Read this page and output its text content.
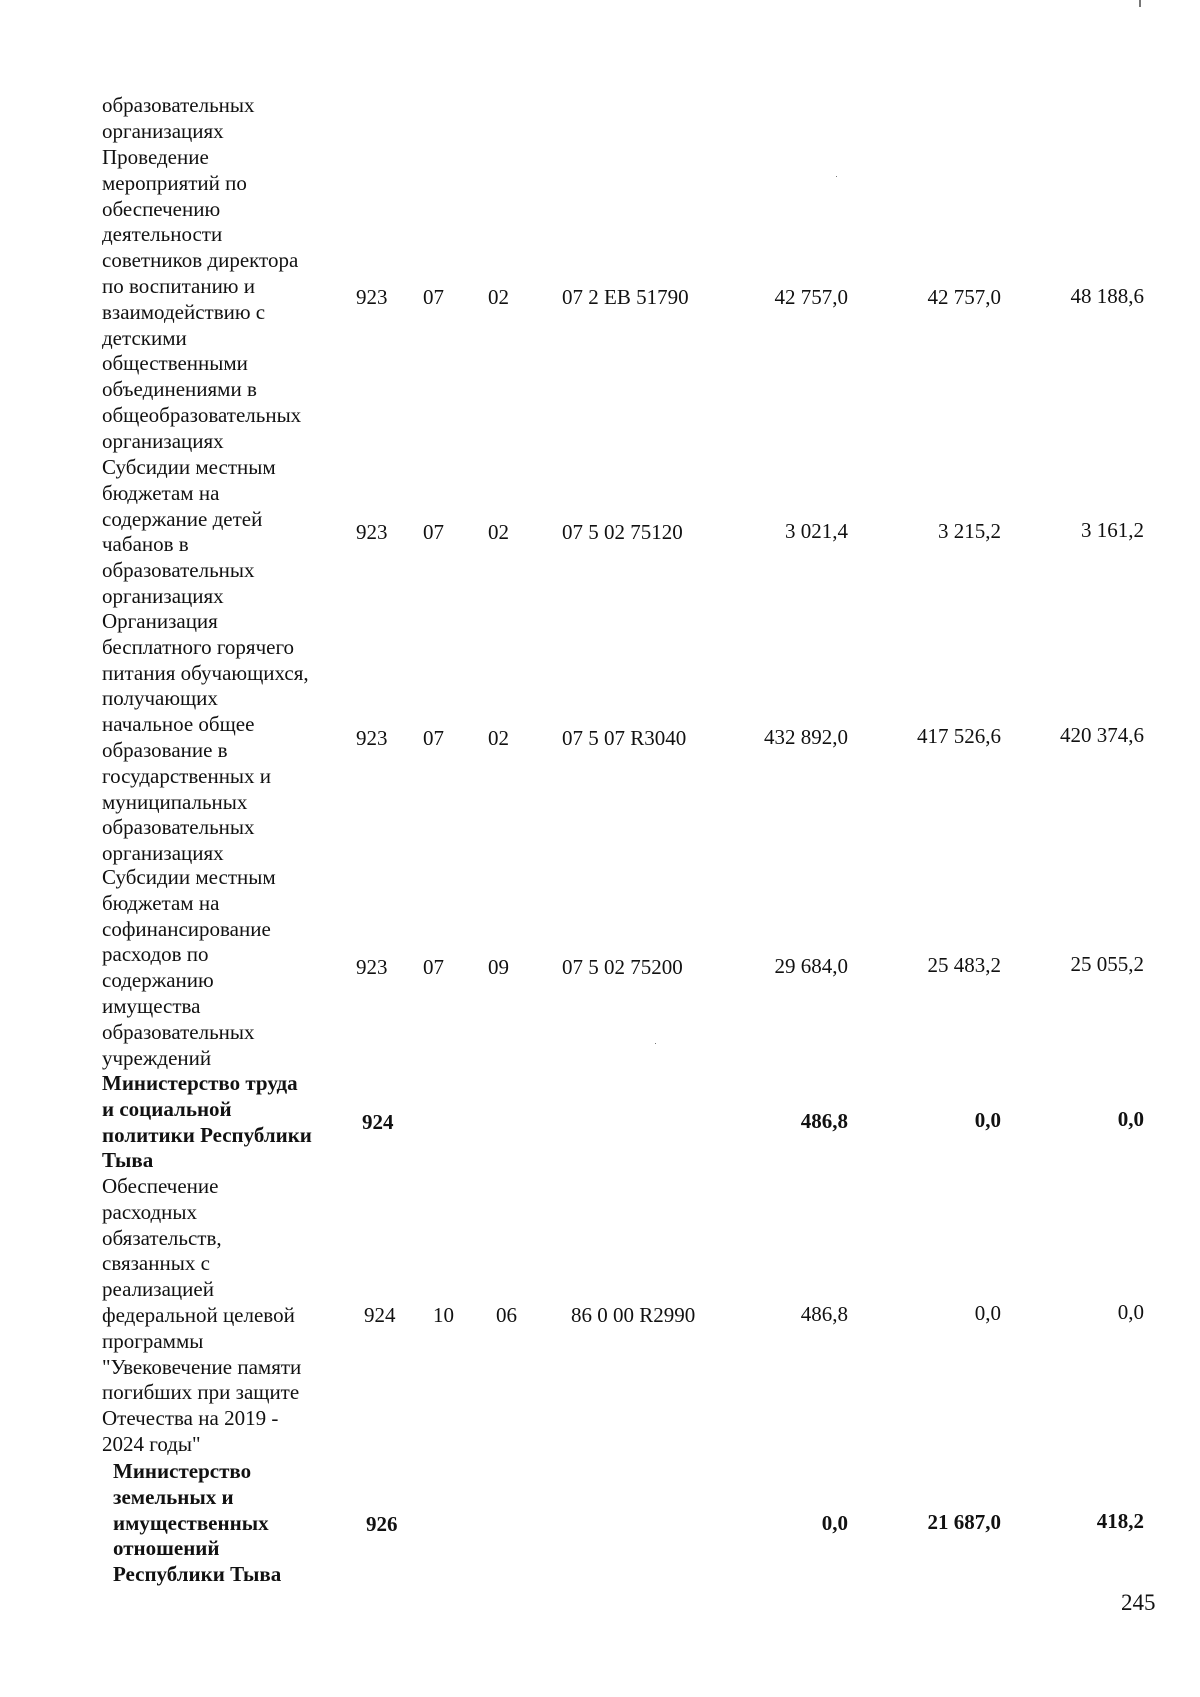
образовательных
организациях
Проведение
мероприятий по
обеспечению
деятельности
советников директора
по воспитанию и
взаимодействию с
детскими
общественными
объединениями в
общеобразовательных
организациях
923 07 02	07 2 EB 51790	42 757,0	42 757,0	48 188,6
Субсидии местным
бюджетам на
содержание детей
чабанов в
образовательных
организациях
923 07 02	07 5 02 75120	3 021,4	3 215,2	3 161,2
Организация
бесплатного горячего
питания обучающихся,
получающих
начальное общее
образование в
государственных и
муниципальных
образовательных
организациях
923 07 02	07 5 07 R3040	432 892,0	417 526,6	420 374,6
Субсидии местным
бюджетам на
софинансирование
расходов по
содержанию
имущества
образовательных
учреждений
923 07 09	07 5 02 75200	29 684,0	25 483,2	25 055,2
Министерство труда
и социальной
политики Республики
Тыва
924	486,8	0,0	0,0
Обеспечение
расходных
обязательств,
связанных с
реализацией
федеральной целевой
программы
"Увековечение памяти
погибших при защите
Отечества на 2019 -
2024 годы"
924 10 06	86 0 00 R2990	486,8	0,0	0,0
Министерство
земельных и
имущественных
отношений
Республики Тыва
926	0,0	21 687,0	418,2
245
